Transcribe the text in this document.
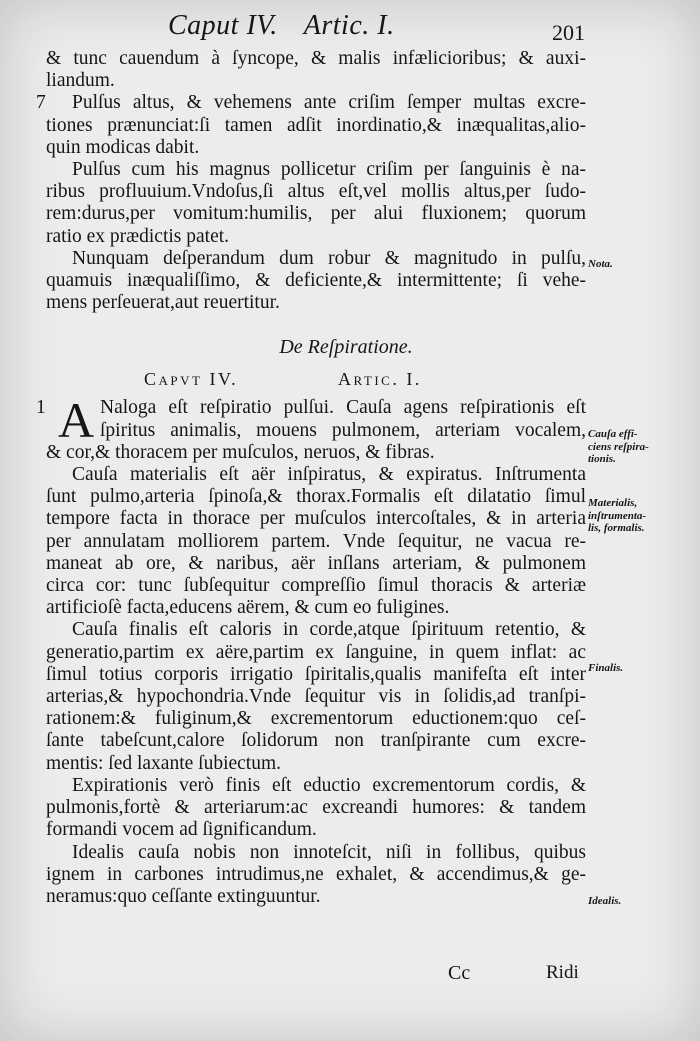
Caput IV. Artic. I.	201
& tunc cauendum à ſyncope, & malis infælicioribus; & auxi-
liandum.
7	Pulſus altus, & vehemens ante criſim ſemper multas excre-
tiones prænunciat:ſi tamen adſit inordinatio,& inæqualitas,alio-
quin modicas dabit.
Pulſus cum his magnus pollicetur criſim per ſanguinis è na-
ribus profluuium.Vndoſus,ſi altus eſt,vel mollis altus,per ſudo-
rem:durus,per vomitum:humilis, per alui fluxionem; quorum
ratio ex prædictis patet.
Nunquam deſperandum dum robur & magnitudo in pulſu,
quamuis inæqualiſſimo, & deficiente,& intermittente; ſi vehe-
mens perſeuerat,aut reuertitur.
De Reſpiratione.
Capvt IV.	Artic. I.
1 A Naloga eſt reſpiratio pulſui. Cauſa agens reſpirationis eſt
ſpiritus animalis, mouens pulmonem, arteriam vocalem,
& cor,& thoracem per muſculos, neruos, & fibras.
Cauſa materialis eſt aër inſpiratus, & expiratus. Inſtrumenta
ſunt pulmo,arteria ſpinoſa,& thorax.Formalis eſt dilatatio ſimul
tempore facta in thorace per muſculos intercoſtales, & in arteria
per annulatam molliorem partem. Vnde ſequitur, ne vacua re-
maneat ab ore, & naribus, aër inſlans arteriam, & pulmonem
circa cor: tunc ſubſequitur compreſſio ſimul thoracis & arteriæ
artificioſè facta,educens aërem, & cum eo fuligines.
Cauſa finalis eſt caloris in corde,atque ſpirituum retentio, &
generatio,partim ex aëre,partim ex ſanguine, in quem inflat: ac
ſimul totius corporis irrigatio ſpiritalis,qualis manifeſta eſt inter
arterias,& hypochondria.Vnde ſequitur vis in ſolidis,ad tranſpi-
rationem:& fuliginum,& excrementorum eductionem:quo ceſ-
ſante tabeſcunt,calore ſolidorum non tranſpirante cum excre-
mentis: ſed laxante ſubiectum.
Expirationis verò finis eſt eductio excrementorum cordis, &
pulmonis,fortè & arteriarum:ac excreandi humores: & tandem
formandi vocem ad ſignificandum.
Idealis cauſa nobis non innoteſcit, niſi in follibus, quibus
ignem in carbones intrudimus,ne exhalet, & accendimus,& ge-
neramus:quo ceſſante extinguuntur.
Nota.
Cauſa effi-
ciens reſpira-
tionis.
Materialis,
inſtrumenta-
lis, formalis.
Finalis.
Idealis.
Cc	Ridi
